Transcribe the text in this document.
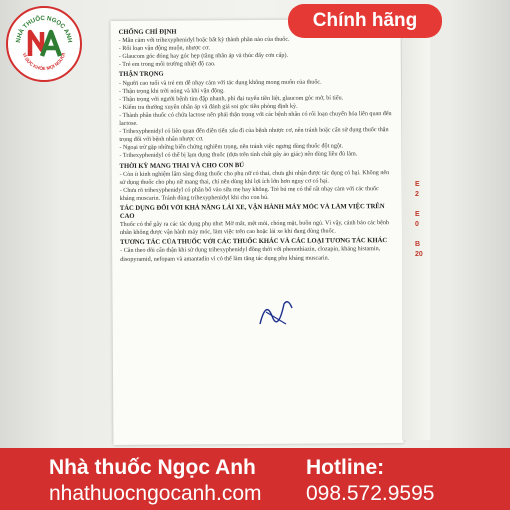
CHỐNG CHỈ ĐỊNH

- Mẫn cảm với trihexyphenidyl hoặc bất kỳ thành phần nào của thuốc.

- Rối loạn vận động muộn, nhược cơ.

- Glaucom góc đóng hay góc hẹp (tăng nhãn áp và thúc đẩy cơn cấp).

- Trẻ em trong môi trường nhiệt độ cao.

THẬN TRỌNG

- Người cao tuổi và trẻ em dễ nhạy cảm với tác dụng không mong muốn của thuốc.

- Thận trọng khi trời nóng và khi vận động.

- Thận trọng với người bệnh tim đập nhanh, phì đại tuyến tiền liệt, glaucom góc mở, bí tiểu.

- Kiểm tra thường xuyên nhãn áp và đánh giá soi góc tiền phòng định kỳ.

- Thành phần thuốc có chứa lactose nên phải thận trọng với các bệnh nhân có rối loạn chuyển hóa liên quan đến lactose.

- Trihexyphenidyl có liên quan đến diễn tiến xấu đi của bệnh nhược cơ, nên tránh hoặc cẩn sử dụng thuốc thận trọng đối với bệnh nhân nhược cơ.

- Ngoại trừ gặp những biến chứng nghiêm trọng, nên tránh việc ngưng dùng thuốc đột ngột.

- Trihexyphenidyl có thể bị lạm dụng thuốc (dựa trên tính chất gây ảo giác) nên dùng liều đủ làm.

THỜI KỲ MANG THAI VÀ CHO CON BÚ

- Còn ít kinh nghiệm lâm sàng dùng thuốc cho phụ nữ có thai, chưa ghi nhận được tác dụng có hại. Không nên sử dụng thuốc cho phụ nữ mang thai, chỉ nên dùng khi lợi ích lớn hơn nguy cơ có hại.

- Chưa rõ trihexyphenidyl có phân bố vào sữa mẹ hay không. Trẻ bú mẹ có thể rất nhạy cảm với các thuốc kháng muscarin. Tránh dùng trihexyphenidyl khi cho con bú.

TÁC DỤNG ĐỐI VỚI KHẢ NĂNG LÁI XE, VẬN HÀNH MÁY MÓC VÀ LÀM VIỆC TRÊN CAO

Thuốc có thể gây ra các tác dụng phụ như: Mờ mắt, mệt mỏi, chóng mặt, buồn ngủ. Vì vậy, cảnh báo các bệnh nhân không được vận hành máy móc, làm việc trên cao hoặc lái xe khi đang dùng thuốc.

TƯƠNG TÁC CỦA THUỐC VỚI CÁC THUỐC KHÁC VÀ CÁC LOẠI TƯƠNG TÁC KHÁC

- Cần theo dõi cẩn thận khi sử dụng trihexyphenidyl đồng thời với phenothiazin, clozapin, kháng histamin, disopyramid, nefopam và amantadin vì có thể làm tăng tác dụng phụ kháng muscarin.

E
2

E
0

B
20
NHÀ THUỐC NGỌC ANH
VÌ SỨC KHỎE MỌI NGƯỜI
Chính hãng
Nhà thuốc Ngọc Anh
nhathuocngocanh.com
Hotline:
098.572.9595
